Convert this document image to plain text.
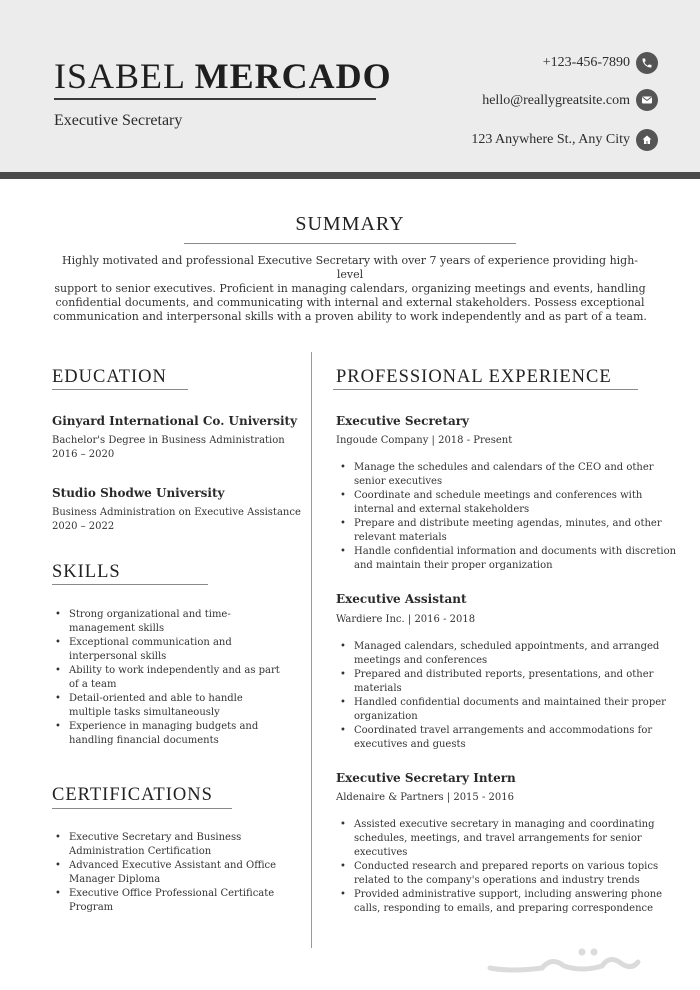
ISABEL MERCADO
Executive Secretary
+123-456-7890
hello@reallygreatsite.com
123 Anywhere St., Any City
SUMMARY
Highly motivated and professional Executive Secretary with over 7 years of experience providing high-level
support to senior executives. Proficient in managing calendars, organizing meetings and events, handling
confidential documents, and communicating with internal and external stakeholders. Possess exceptional
communication and interpersonal skills with a proven ability to work independently and as part of a team.
EDUCATION
Ginyard International Co. University
Bachelor's Degree in Business Administration
2016 – 2020
Studio Shodwe University
Business Administration on Executive Assistance
2020 – 2022
SKILLS
• Strong organizational and time-
management skills
• Exceptional communication and
interpersonal skills
• Ability to work independently and as part
of a team
• Detail-oriented and able to handle
multiple tasks simultaneously
• Experience in managing budgets and
handling financial documents
CERTIFICATIONS
• Executive Secretary and Business
Administration Certification
• Advanced Executive Assistant and Office
Manager Diploma
• Executive Office Professional Certificate
Program
PROFESSIONAL EXPERIENCE
Executive Secretary
Ingoude Company | 2018 - Present
• Manage the schedules and calendars of the CEO and other
senior executives
• Coordinate and schedule meetings and conferences with
internal and external stakeholders
• Prepare and distribute meeting agendas, minutes, and other
relevant materials
• Handle confidential information and documents with discretion
and maintain their proper organization
Executive Assistant
Wardiere Inc. | 2016 - 2018
• Managed calendars, scheduled appointments, and arranged
meetings and conferences
• Prepared and distributed reports, presentations, and other
materials
• Handled confidential documents and maintained their proper
organization
• Coordinated travel arrangements and accommodations for
executives and guests
Executive Secretary Intern
Aldenaire & Partners | 2015 - 2016
• Assisted executive secretary in managing and coordinating
schedules, meetings, and travel arrangements for senior
executives
• Conducted research and prepared reports on various topics
related to the company's operations and industry trends
• Provided administrative support, including answering phone
calls, responding to emails, and preparing correspondence
